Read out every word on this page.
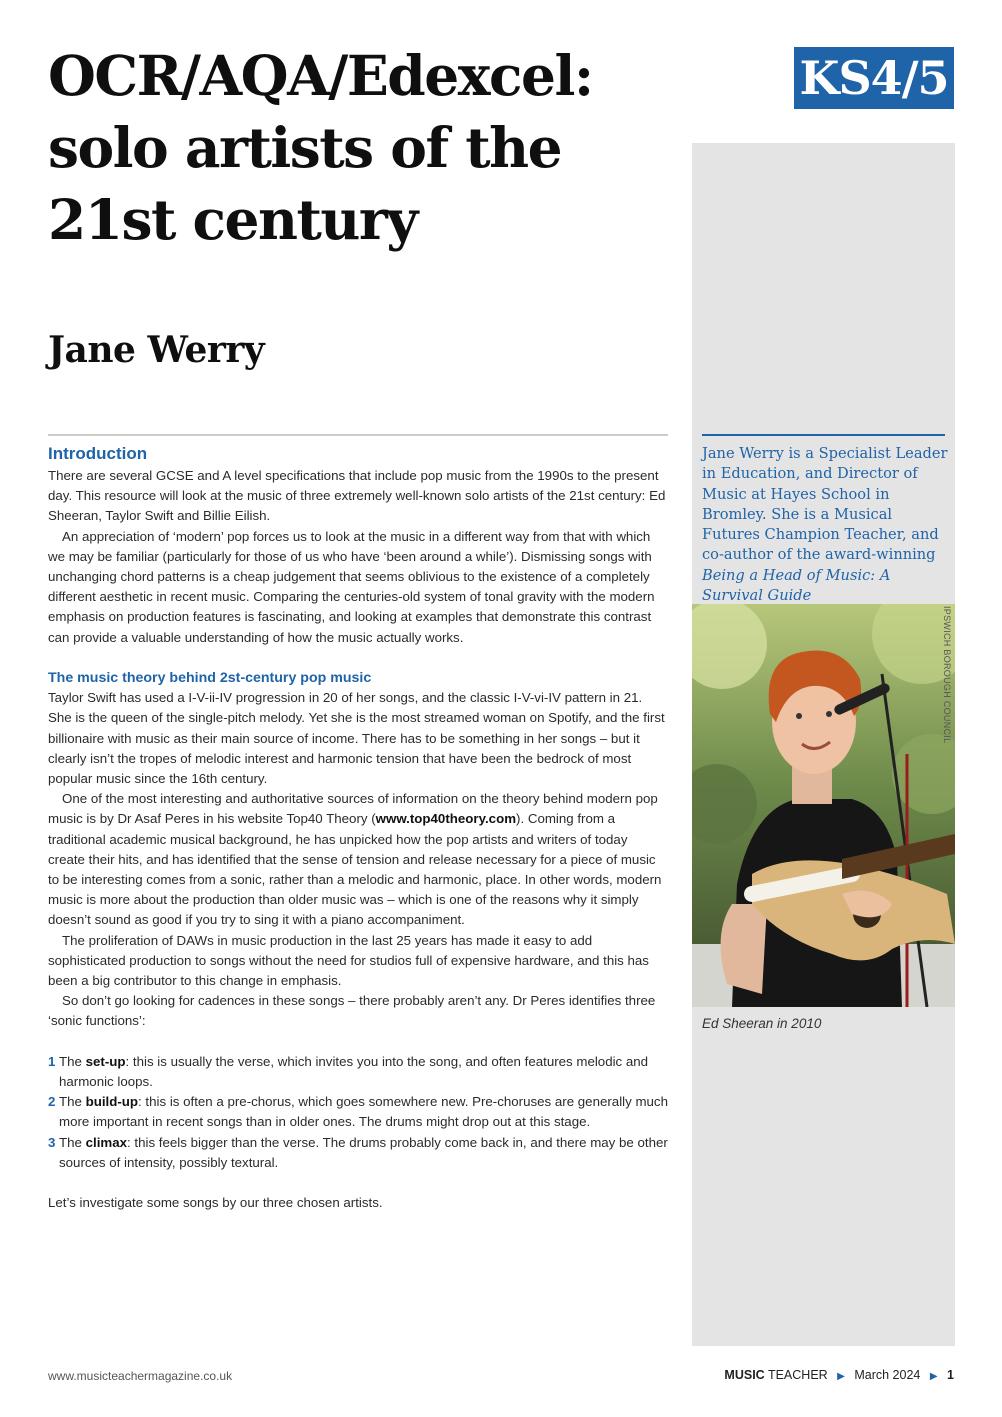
OCR/AQA/Edexcel:
solo artists of the
21st century
Jane Werry
KS4/5

Jane Werry is a Specialist Leader in Education, and Director of Music at Hayes School in Bromley. She is a Musical Futures Champion Teacher, and co-author of the award-winning Being a Head of Music: A Survival Guide

IPSWICH BOROUGH COUNCIL
Ed Sheeran in 2010
Introduction

There are several GCSE and A level specifications that include pop music from the 1990s to the present day. This resource will look at the music of three extremely well-known solo artists of the 21st century: Ed Sheeran, Taylor Swift and Billie Eilish.

An appreciation of ‘modern’ pop forces us to look at the music in a different way from that with which we may be familiar (particularly for those of us who have ‘been around a while’). Dismissing songs with unchanging chord patterns is a cheap judgement that seems oblivious to the existence of a completely different aesthetic in recent music. Comparing the centuries-old system of tonal gravity with the modern emphasis on production features is fascinating, and looking at examples that demonstrate this contrast can provide a valuable understanding of how the music actually works.

The music theory behind 2st-century pop music

Taylor Swift has used a I-V-ii-IV progression in 20 of her songs, and the classic I-V-vi-IV pattern in 21. She is the queen of the single-pitch melody. Yet she is the most streamed woman on Spotify, and the first billionaire with music as their main source of income. There has to be something in her songs – but it clearly isn’t the tropes of melodic interest and harmonic tension that have been the bedrock of most popular music since the 16th century.

One of the most interesting and authoritative sources of information on the theory behind modern pop music is by Dr Asaf Peres in his website Top40 Theory (www.top40theory.com). Coming from a traditional academic musical background, he has unpicked how the pop artists and writers of today create their hits, and has identified that the sense of tension and release necessary for a piece of music to be interesting comes from a sonic, rather than a melodic and harmonic, place. In other words, modern music is more about the production than older music was – which is one of the reasons why it simply doesn’t sound as good if you try to sing it with a piano accompaniment.

The proliferation of DAWs in music production in the last 25 years has made it easy to add sophisticated production to songs without the need for studios full of expensive hardware, and this has been a big contributor to this change in emphasis.

So don’t go looking for cadences in these songs – there probably aren’t any. Dr Peres identifies three ‘sonic functions’:

1 The set-up: this is usually the verse, which invites you into the song, and often features melodic and harmonic loops.
2 The build-up: this is often a pre-chorus, which goes somewhere new. Pre-choruses are generally much more important in recent songs than in older ones. The drums might drop out at this stage.
3 The climax: this feels bigger than the verse. The drums probably come back in, and there may be other sources of intensity, possibly textural.

Let’s investigate some songs by our three chosen artists.

www.musicteachermagazine.co.uk	MUSIC TEACHER ▶ March 2024 ▶ 1
